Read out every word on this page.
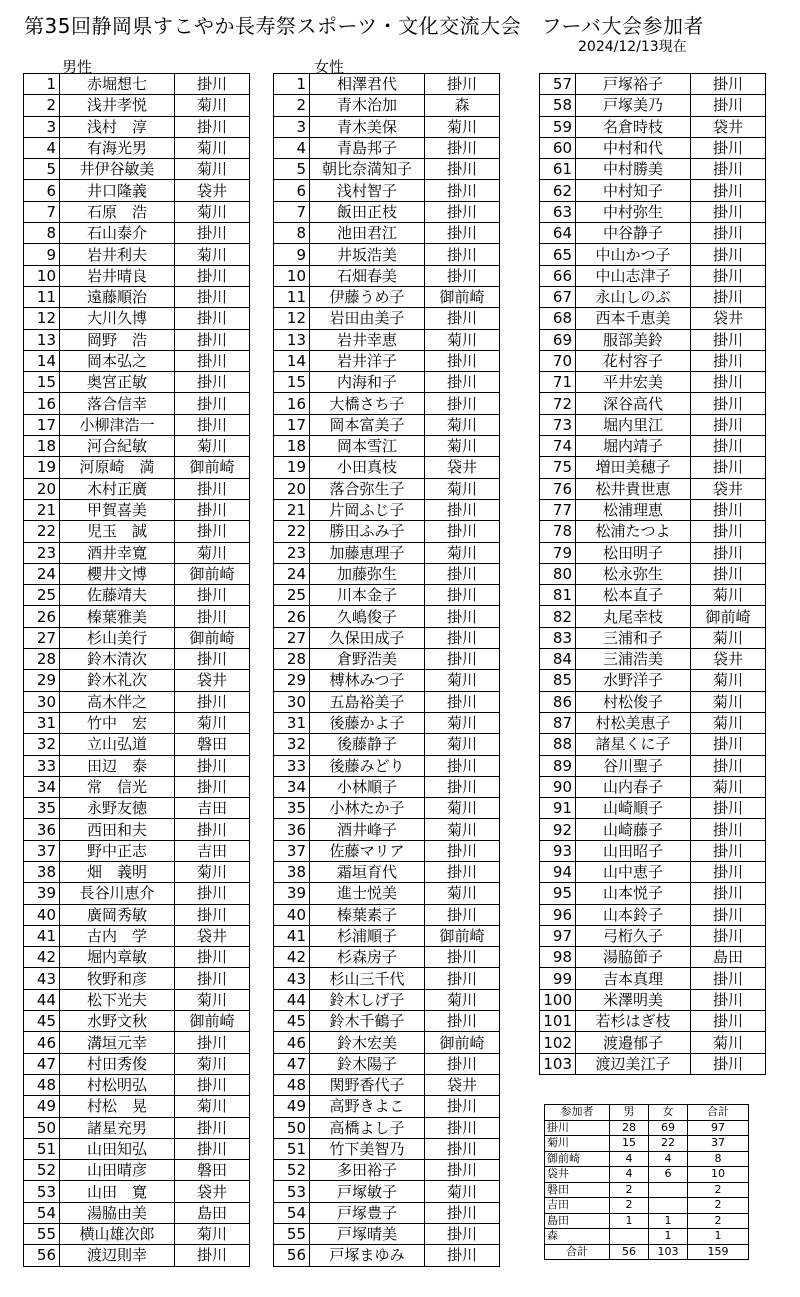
第35回静岡県すこやか長寿祭スポーツ・文化交流大会　フーバ大会参加者
2024/12/13現在
男性	女性
1	赤堀想七	掛川
2	浅井孝悦	菊川
3	浅村　淳	掛川
4	有海光男	菊川
5	井伊谷敏美	菊川
6	井口隆義	袋井
7	石原　浩	菊川
8	石山泰介	掛川
9	岩井利夫	菊川
10	岩井晴良	掛川
11	遠藤順治	掛川
12	大川久博	掛川
13	岡野　浩	掛川
14	岡本弘之	掛川
15	奥宮正敏	掛川
16	落合信幸	掛川
17	小柳津浩一	掛川
18	河合紀敏	菊川
19	河原崎　満	御前崎
20	木村正廣	掛川
21	甲賀喜美	掛川
22	児玉　誠	掛川
23	酒井幸寛	菊川
24	櫻井文博	御前崎
25	佐藤靖夫	掛川
26	榛葉雅美	掛川
27	杉山美行	御前崎
28	鈴木清次	掛川
29	鈴木礼次	袋井
30	高木伴之	掛川
31	竹中　宏	菊川
32	立山弘道	磐田
33	田辺　泰	掛川
34	常　信光	掛川
35	永野友徳	吉田
36	西田和夫	掛川
37	野中正志	吉田
38	畑　義明	菊川
39	長谷川恵介	掛川
40	廣岡秀敏	掛川
41	古内　学	袋井
42	堀内章敏	掛川
43	牧野和彦	掛川
44	松下光夫	菊川
45	水野文秋	御前崎
46	溝垣元幸	掛川
47	村田秀俊	菊川
48	村松明弘	掛川
49	村松　晃	菊川
50	諸星充男	掛川
51	山田知弘	掛川
52	山田晴彦	磐田
53	山田　寛	袋井
54	湯脇由美	島田
55	横山雄次郎	菊川
56	渡辺則幸	掛川
1	相澤君代	掛川
2	青木治加	森
3	青木美保	菊川
4	青島邦子	掛川
5	朝比奈満知子	掛川
6	浅村智子	掛川
7	飯田正枝	掛川
8	池田君江	掛川
9	井坂浩美	掛川
10	石畑春美	掛川
11	伊藤うめ子	御前崎
12	岩田由美子	掛川
13	岩井幸恵	菊川
14	岩井洋子	掛川
15	内海和子	掛川
16	大橋さち子	掛川
17	岡本富美子	菊川
18	岡本雪江	菊川
19	小田真枝	袋井
20	落合弥生子	菊川
21	片岡ふじ子	掛川
22	勝田ふみ子	掛川
23	加藤恵理子	菊川
24	加藤弥生	掛川
25	川本金子	掛川
26	久嶋俊子	掛川
27	久保田成子	掛川
28	倉野浩美	掛川
29	榑林みつ子	菊川
30	五島裕美子	掛川
31	後藤かよ子	菊川
32	後藤静子	菊川
33	後藤みどり	掛川
34	小林順子	掛川
35	小林たか子	菊川
36	酒井峰子	菊川
37	佐藤マリア	掛川
38	霜垣育代	掛川
39	進士悦美	菊川
40	榛葉素子	掛川
41	杉浦順子	御前崎
42	杉森房子	掛川
43	杉山三千代	掛川
44	鈴木しげ子	菊川
45	鈴木千鶴子	掛川
46	鈴木宏美	御前崎
47	鈴木陽子	掛川
48	関野香代子	袋井
49	高野きよこ	掛川
50	高橋よし子	掛川
51	竹下美智乃	掛川
52	多田裕子	掛川
53	戸塚敏子	菊川
54	戸塚豊子	掛川
55	戸塚晴美	掛川
56	戸塚まゆみ	掛川
57	戸塚裕子	掛川
58	戸塚美乃	掛川
59	名倉時枝	袋井
60	中村和代	掛川
61	中村勝美	掛川
62	中村知子	掛川
63	中村弥生	掛川
64	中谷静子	掛川
65	中山かつ子	掛川
66	中山志津子	掛川
67	永山しのぶ	掛川
68	西本千恵美	袋井
69	服部美鈴	掛川
70	花村容子	掛川
71	平井宏美	掛川
72	深谷高代	掛川
73	堀内里江	掛川
74	堀内靖子	掛川
75	増田美穂子	掛川
76	松井貴世恵	袋井
77	松浦理恵	掛川
78	松浦たつよ	掛川
79	松田明子	掛川
80	松永弥生	掛川
81	松本直子	菊川
82	丸尾幸枝	御前崎
83	三浦和子	菊川
84	三浦浩美	袋井
85	水野洋子	菊川
86	村松俊子	菊川
87	村松美恵子	菊川
88	諸星くに子	掛川
89	谷川聖子	掛川
90	山内春子	菊川
91	山崎順子	掛川
92	山崎藤子	掛川
93	山田昭子	掛川
94	山中恵子	掛川
95	山本悦子	掛川
96	山本鈴子	掛川
97	弓桁久子	掛川
98	湯脇節子	島田
99	吉本真理	掛川
100	米澤明美	掛川
101	若杉はぎ枝	掛川
102	渡邉郁子	菊川
103	渡辺美江子	掛川
参加者	男	女	合計
掛川	28	69	97
菊川	15	22	37
御前崎	4	4	8
袋井	4	6	10
磐田	2		2
吉田	2		2
島田	1	1	2
森		1	1
合計	56	103	159
